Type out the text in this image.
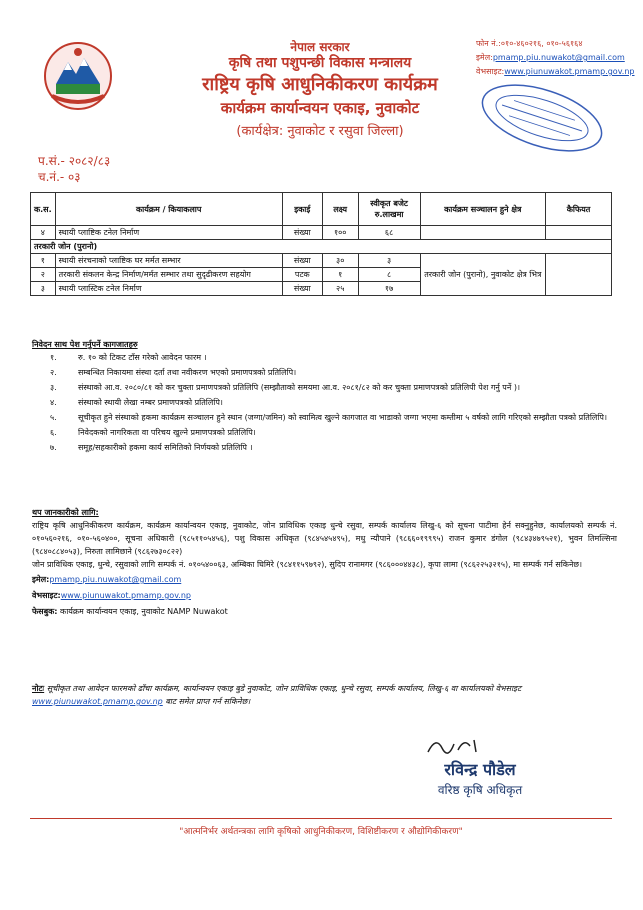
नेपाल सरकार
कृषि तथा पशुपन्छी विकास मन्त्रालय
राष्ट्रिय कृषि आधुनिकीकरण कार्यक्रम
कार्यक्रम कार्यान्वयन एकाइ, नुवाकोट
(कार्यक्षेत्र: नुवाकोट र रसुवा जिल्ला)
फोन नं.:०१०-४६०२१६, ०१०-५६१६४
इमेल:pmamp.piu.nuwakot@gmail.com
वेभसाइट:www.piunuwakot.pmamp.gov.np
प.सं.- २०८२/८३
च.नं.- ०३
क.स.	कार्यक्रम / कियाकलाप	इकाई	लक्ष्य	स्वीकृत बजेट रु.लाखमा	कार्यक्रम सञ्चालन हुने क्षेत्र	कैफियत
४	स्थायी प्लाष्टिक टनेल निर्माण	संख्या	१००	६८		
तरकारी जोन (पुरानो)						
१	स्थायी संरचनाको प्लाष्टिक घर मर्मत सम्भार	संख्या	३०	३	तरकारी जोन (पुरानो), नुवाकोट क्षेत्र भित्र	
२	तरकारी संकलन केन्द्र निर्माण/मर्मत सम्भार तथा सुदृढीकरण सहयोग	पटक	१	८		
३	स्थायी प्लास्टिक टनेल निर्माण	संख्या	२५	१७		
निवेदन साथ पेश गर्नुपर्ने कागजातहरु
१.	रु. १० को टिकट टाँस गरेको आवेदन फारम ।
२.	सम्बन्धित निकायमा संस्था दर्ता तथा नवीकरण भएको प्रमाणपत्रको प्रतिलिपि।
३.	संस्थाको आ.व. २०८०/८१ को कर चुक्ता प्रमाणपत्रको प्रतिलिपि (सम्झौताको समयमा आ.व. २०८१/८२ को कर चुक्ता प्रमाणपत्रको प्रतिलिपी पेश गर्नु पर्ने )।
४.	संस्थाको स्थायी लेखा नम्बर प्रमाणपत्रको प्रतिलिपि।
५.	सूचीकृत हुने संस्थाको हकमा कार्यक्रम सञ्चालन हुने स्थान (जग्गा/जमिन) को स्वामित्व खुल्ने कागजात वा भाडाको जग्गा भएमा कम्तीमा ५ वर्षको लागि गरिएको सम्झौता पत्रको प्रतिलिपि।
६.	निवेदकको नागरिकता वा परिचय खुल्ने प्रमाणपत्रको प्रतिलिपि।
७.	समूह/सहकारीको हकमा कार्य समितिको निर्णयको प्रतिलिपि ।
थप जानकारीको लागि:
राष्ट्रिय कृषि आधुनिकीकरण कार्यक्रम, कार्यक्रम कार्यान्वयन एकाइ, नुवाकोट, जोन प्राविधिक एकाइ धुन्चे रसुवा, सम्पर्क कार्यालय लिखु-६ को सूचना पाटीमा हेर्न सक्नुहुनेछ, कार्यालयको सम्पर्क नं. ०१०५६०२१६, ०१०-५६०४००, सूचना अधिकारी (९८५११०५४५६), पशु विकास अधिकृत (९८४५४५४९५), मधु न्यौपाने (९८६६०१९९९५) राजन कुमार डंगोल (९८४३४७९५२१), भुवन तिमल्सिना (९८४०८८४०५३), निरुता लामिछाने (९८६२७३०८२२)
जोन प्राविधिक एकाइ, धुन्चे, रसुवाको लागि सम्पर्क नं. ०१०५४००६३, अम्बिका घिमिरे (९८४११५९७९२), सुदिप रानामगर (९८६०००४४३८), कृपा लामा (९८६२२५३२१५), मा सम्पर्क गर्न सकिनेछ।
इमेल:pmamp.piu.nuwakot@gmail.com
वेभसाइट:www.piunuwakot.pmamp.gov.np
फेसबुक: कार्यक्रम कार्यान्वयन एकाइ, नुवाकोट NAMP Nuwakot
नोटः सूचीकृत तथा आवेदन फारमको ढाँचा कार्यक्रम, कार्यान्वयन एकाइ बुडे नुवाकोट, जोन प्राविधिक एकाइ, धुन्चे रसुवा, सम्पर्क कार्यालय, लिखु-६ वा कार्यालयको वेभसाइट www.piunuwakot.pmamp.gov.np बाट समेत प्राप्त गर्न सकिनेछ।
रविन्द्र पौडेल
वरिष्ठ कृषि अधिकृत
"आत्मनिर्भर अर्थतन्त्रका लागि कृषिको आधुनिकीकरण, विशिष्टीकरण र औद्योगिकीकरण"
